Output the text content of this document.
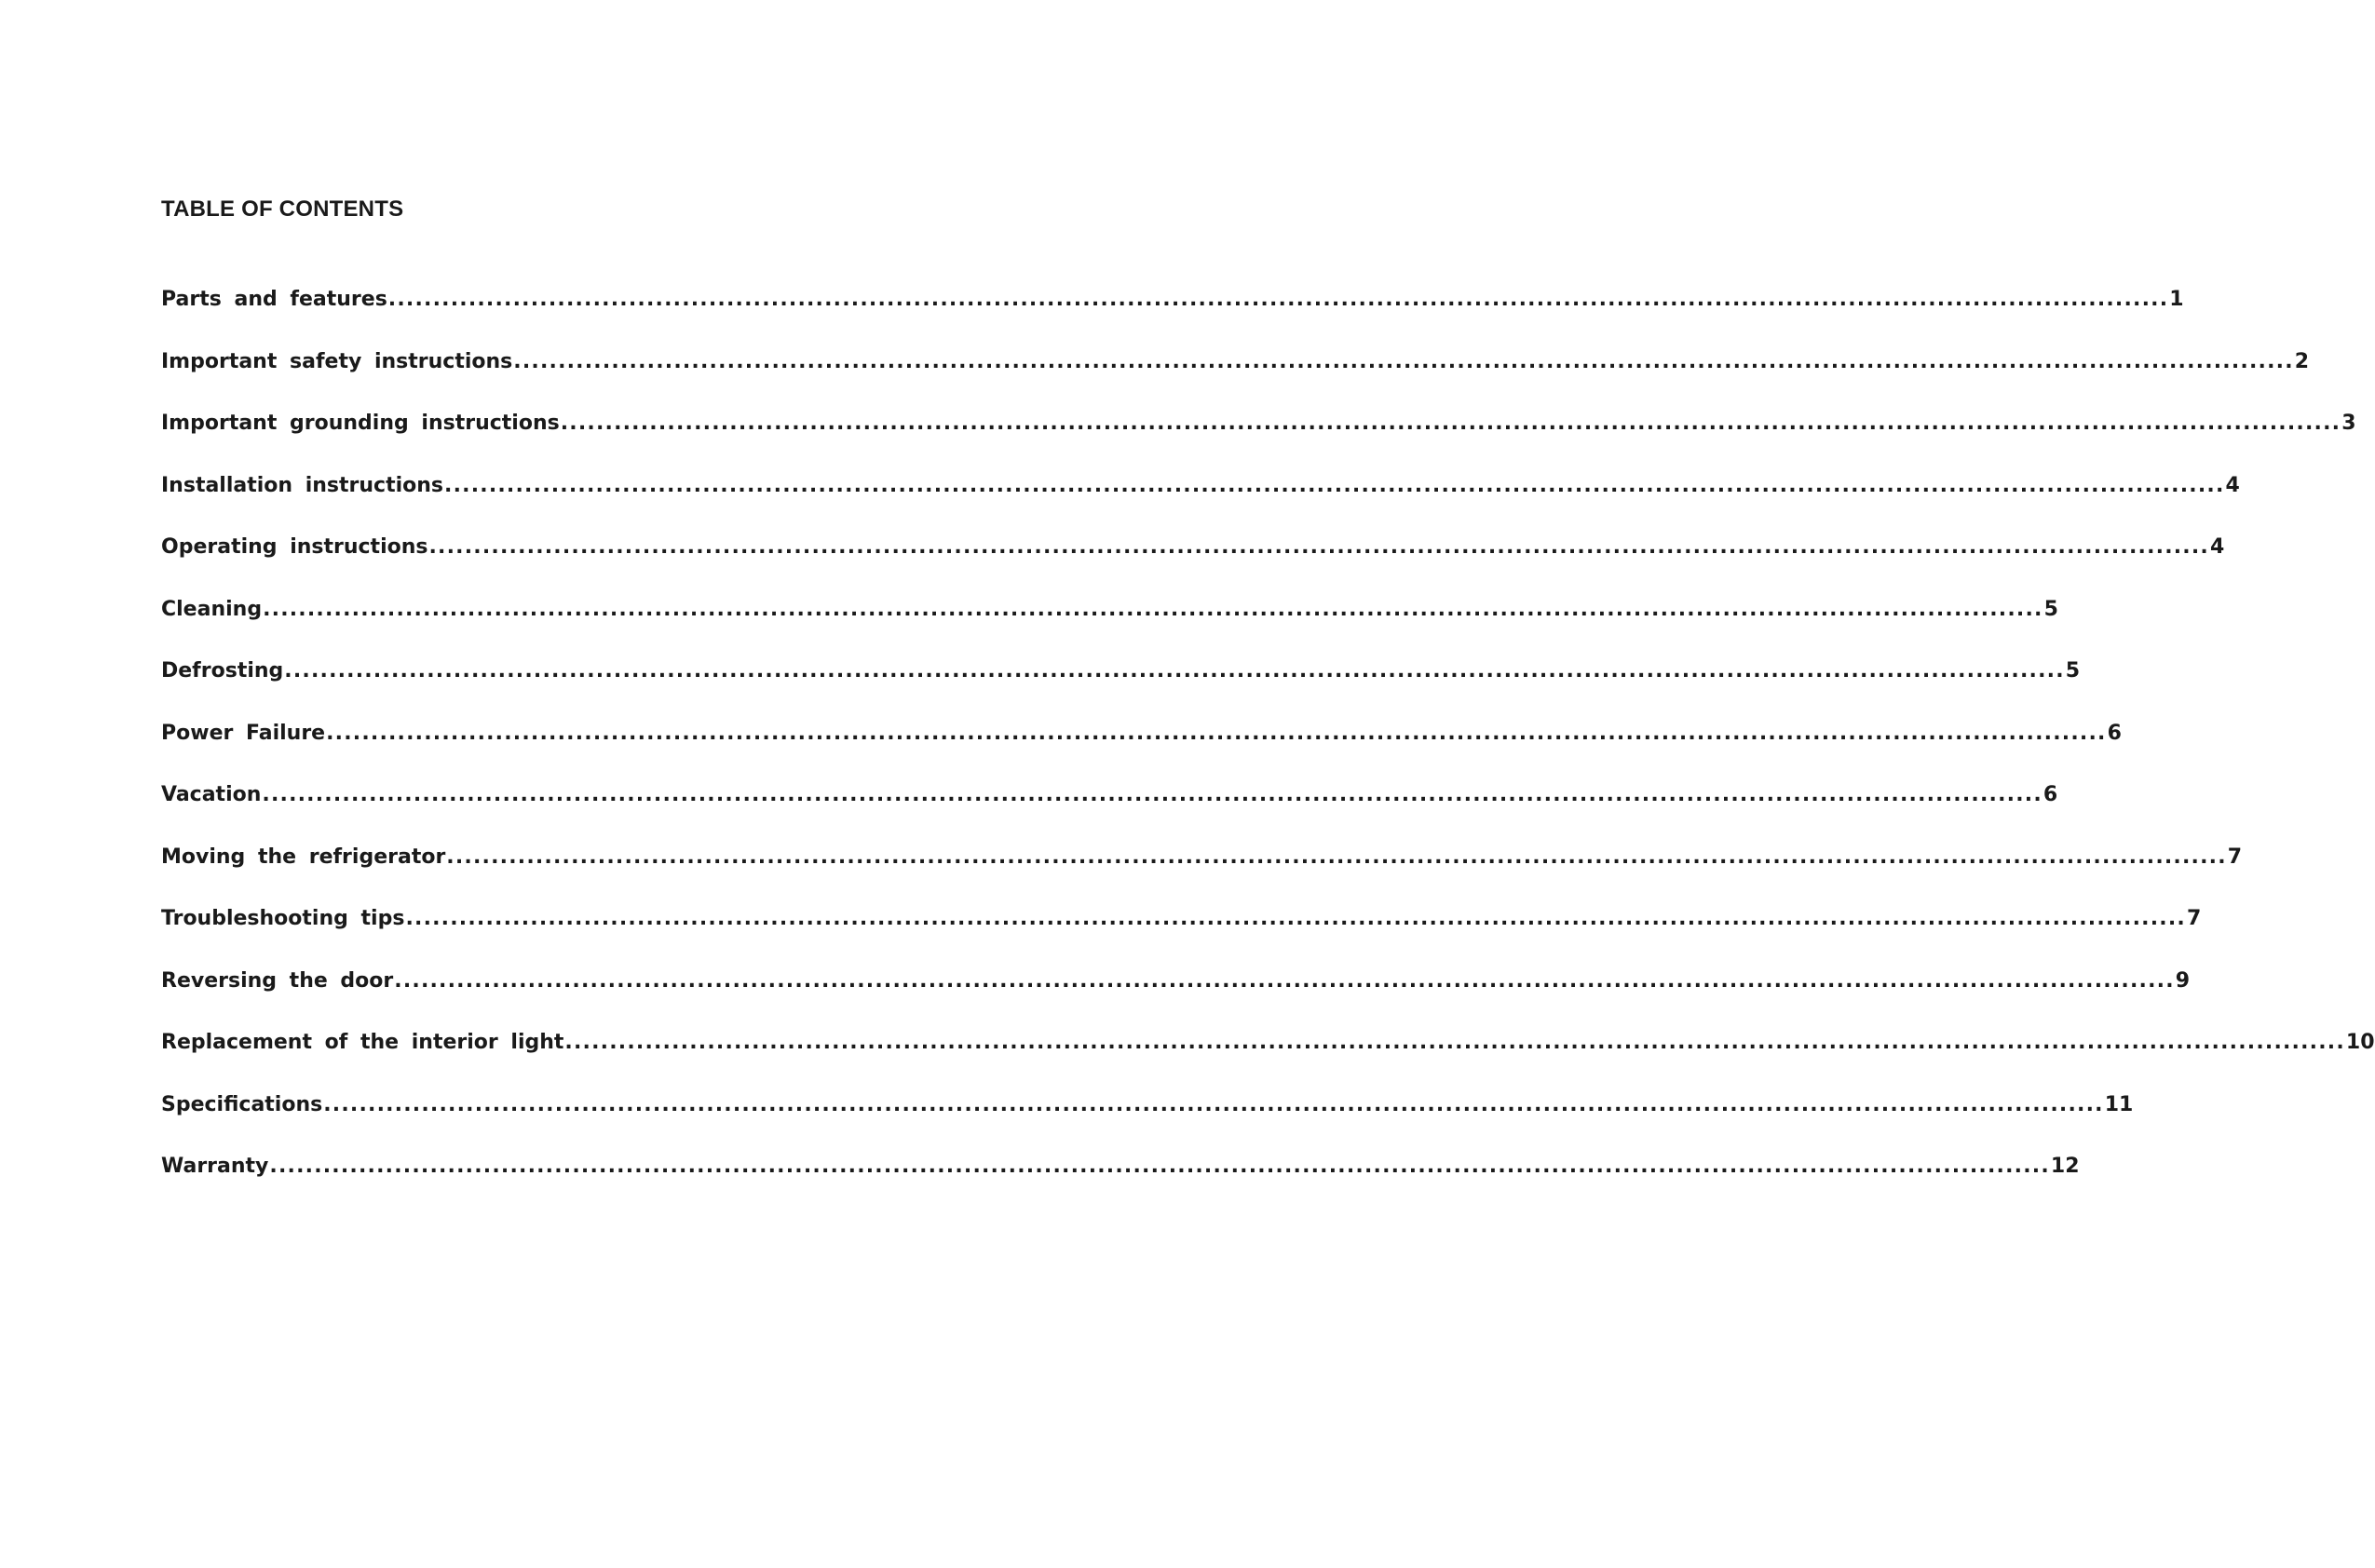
TABLE OF CONTENTS
Parts and features ........................................................................................................................................................................................................ 1
Important safety instructions ........................................................................................................................................................................................................ 2
Important grounding instructions ........................................................................................................................................................................................................ 3
Installation instructions ........................................................................................................................................................................................................ 4
Operating instructions ........................................................................................................................................................................................................ 4
Cleaning ........................................................................................................................................................................................................ 5
Defrosting ........................................................................................................................................................................................................ 5
Power Failure ........................................................................................................................................................................................................ 6
Vacation ........................................................................................................................................................................................................ 6
Moving the refrigerator ........................................................................................................................................................................................................ 7
Troubleshooting tips ........................................................................................................................................................................................................ 7
Reversing the door ........................................................................................................................................................................................................ 9
Replacement of the interior light ........................................................................................................................................................................................................ 10
Specifications ........................................................................................................................................................................................................ 11
Warranty ........................................................................................................................................................................................................ 12
